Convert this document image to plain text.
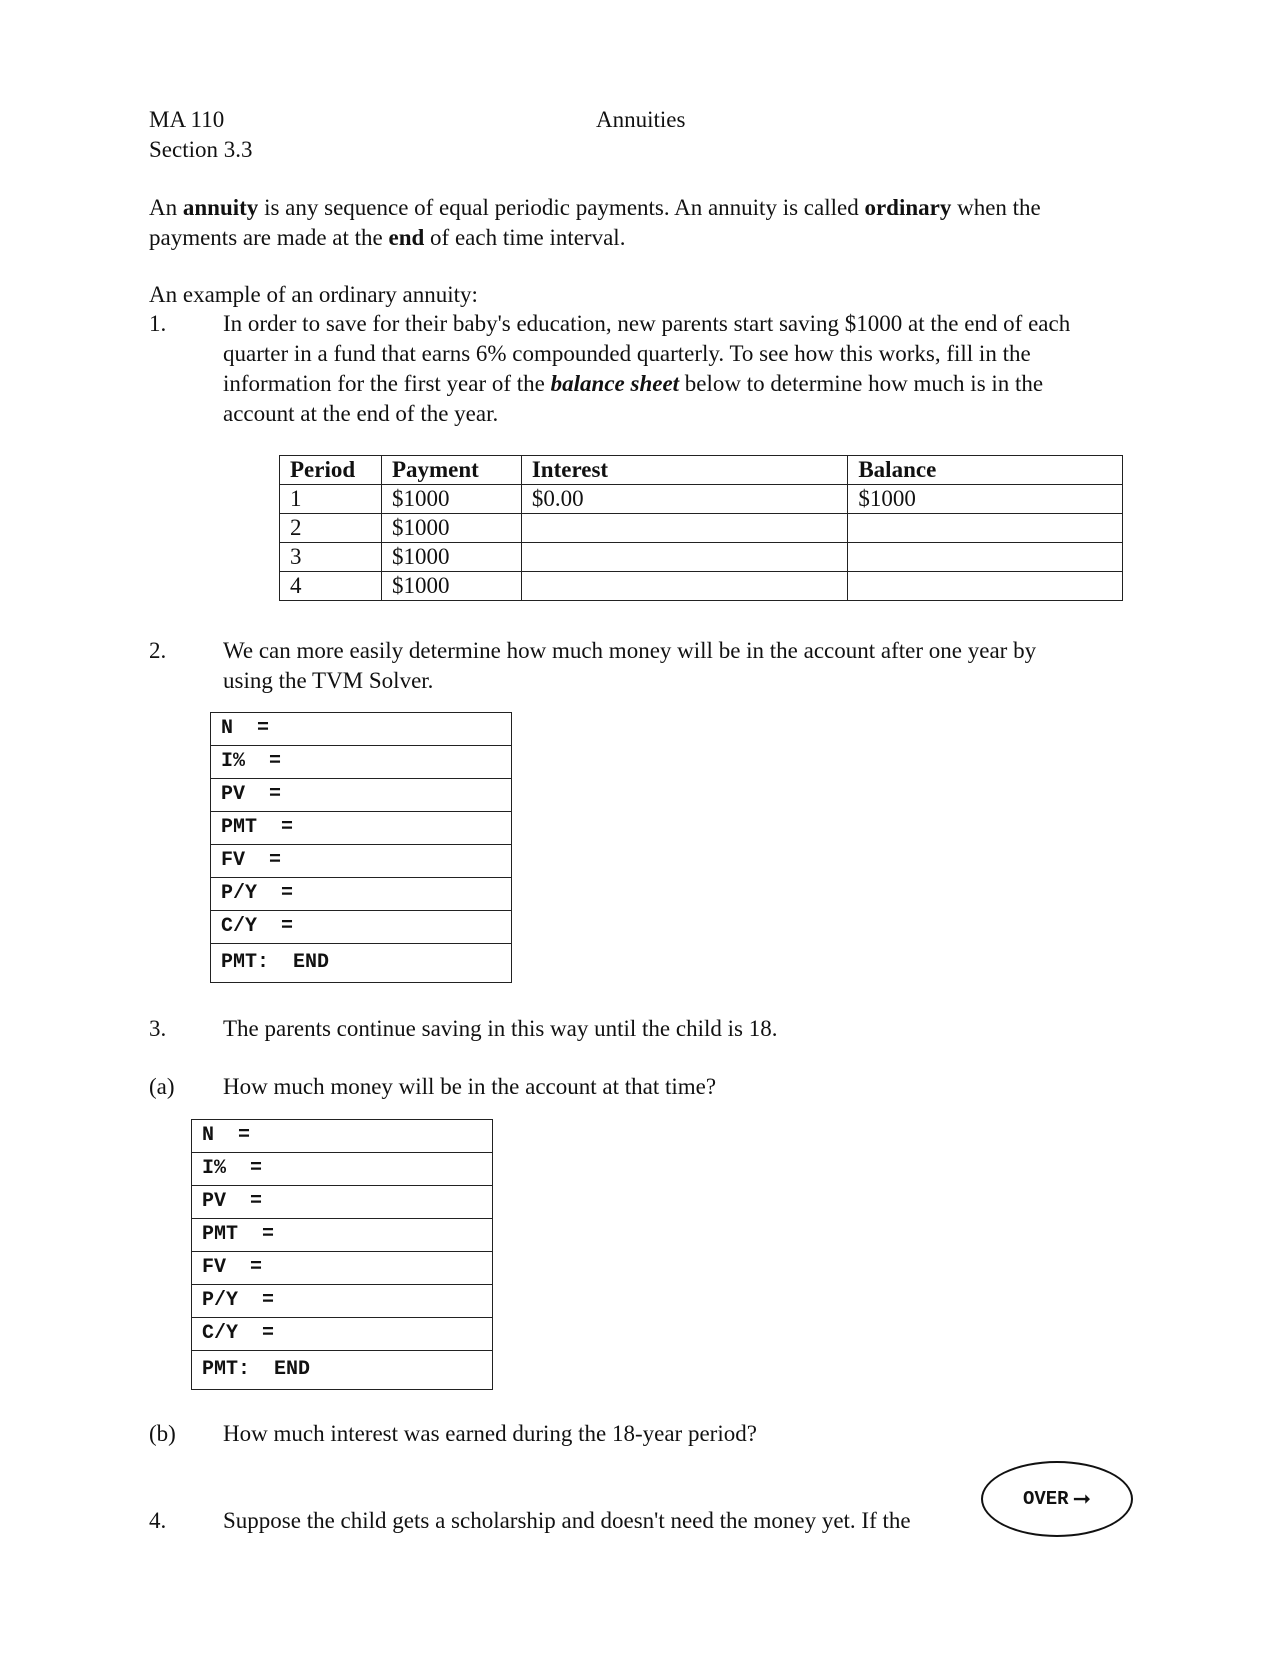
MA 110
Section 3.3
Annuities
An annuity is any sequence of equal periodic payments. An annuity is called ordinary when the
payments are made at the end of each time interval.
An example of an ordinary annuity:
1. In order to save for their baby's education, new parents start saving $1000 at the end of each
quarter in a fund that earns 6% compounded quarterly. To see how this works, fill in the
information for the first year of the balance sheet below to determine how much is in the
account at the end of the year.
Period	Payment	Interest	Balance
1	$1000	$0.00	$1000
2	$1000		
3	$1000		
4	$1000		
2. We can more easily determine how much money will be in the account after one year by
using the TVM Solver.
N  =
I%  =
PV  =
PMT  =
FV  =
P/Y  =
C/Y  =
PMT:  END
3. The parents continue saving in this way until the child is 18.
(a) How much money will be in the account at that time?
N  =
I%  =
PV  =
PMT  =
FV  =
P/Y  =
C/Y  =
PMT:  END
(b) How much interest was earned during the 18-year period?
4. Suppose the child gets a scholarship and doesn't need the money yet. If the
OVER ➞
